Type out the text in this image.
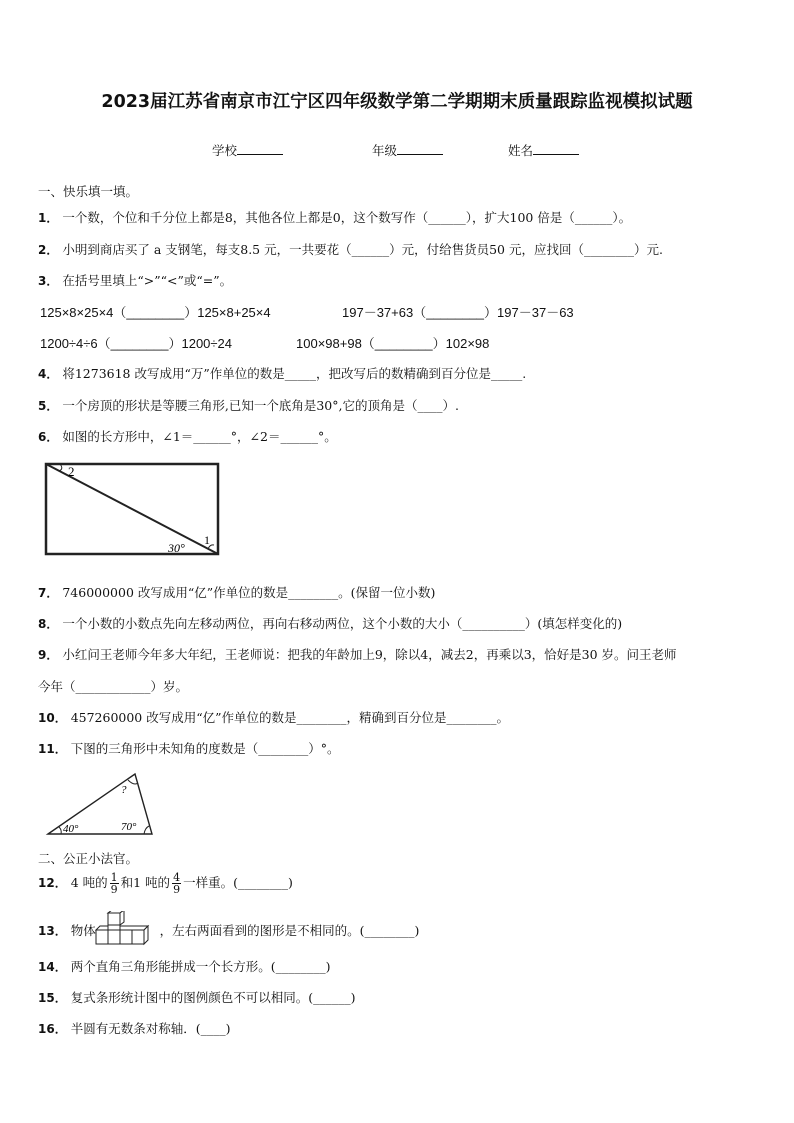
2023届江苏省南京市江宁区四年级数学第二学期期末质量跟踪监视模拟试题
学校	年级	姓名
一、快乐填一填。
1． 一个数，个位和千分位上都是8，其他各位上都是0，这个数写作（______），扩大100 倍是（______）。
2． 小明到商店买了 a 支钢笔，每支8.5 元，一共要花（______）元，付给售货员50 元，应找回（________）元.
3． 在括号里填上“>”“<”或“=”。
125×8×25×4（________）125×8+25×4	197－37+63（________）197－37－63
1200÷4÷6（________）1200÷24	100×98+98（________）102×98
4． 将1273618 改写成用“万”作单位的数是_____，把改写后的数精确到百分位是_____.
5． 一个房顶的形状是等腰三角形,已知一个底角是30°,它的顶角是（____）.
6． 如图的长方形中，∠1＝______°，∠2＝______°。
2
1
30°
7． 746000000 改写成用“亿”作单位的数是________。(保留一位小数)
8． 一个小数的小数点先向左移动两位，再向右移动两位，这个小数的大小（__________）(填怎样变化的)
9． 小红问王老师今年多大年纪，王老师说：把我的年龄加上9，除以4，减去2，再乘以3，恰好是30 岁。问王老师
今年（____________）岁。
10． 457260000 改写成用“亿”作单位的数是________，精确到百分位是________。
11． 下图的三角形中未知角的度数是（________）°。
?
40°	70°
二、公正小法官。
12． 4 吨的 $\frac{1}{9}$ 和1 吨的 $\frac{4}{9}$ 一样重。(________)
13． 物体	，左右两面看到的图形是不相同的。(________)
14． 两个直角三角形能拼成一个长方形。(________)
15． 复式条形统计图中的图例颜色不可以相同。(______)
16． 半圆有无数条对称轴．(____)
